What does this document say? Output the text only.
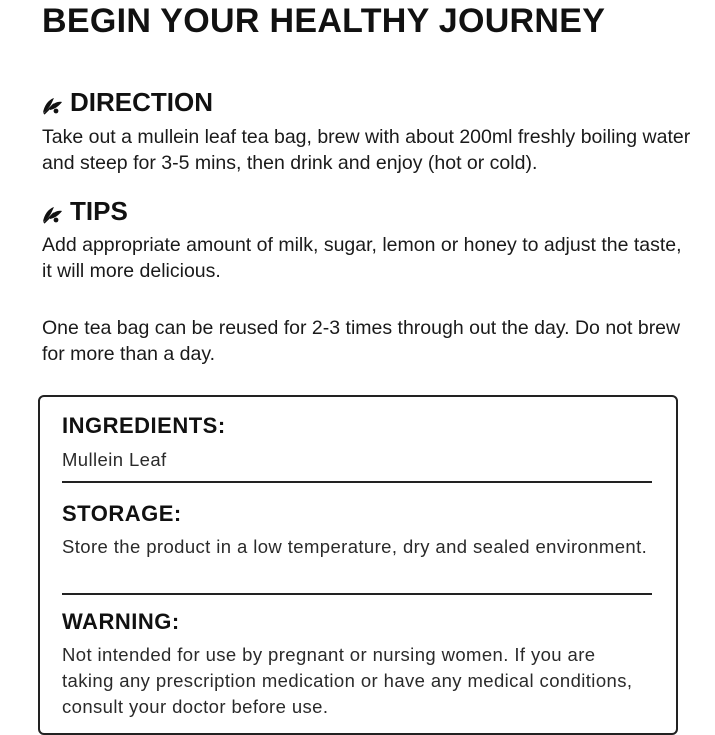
BEGIN YOUR HEALTHY JOURNEY
DIRECTION
Take out a mullein leaf tea bag, brew with about 200ml freshly boiling water and steep for 3-5 mins, then drink and enjoy (hot or cold).
TIPS
Add appropriate amount of milk, sugar, lemon or honey to adjust the taste, it will more delicious.
One tea bag can be reused for 2-3 times through out the day. Do not brew for more than a day.
INGREDIENTS:
Mullein Leaf
STORAGE:
Store the product in a low temperature, dry and sealed environment.
WARNING:
Not intended for use by pregnant or nursing women. If you are taking any prescription medication or have any medical conditions, consult your doctor before use.
